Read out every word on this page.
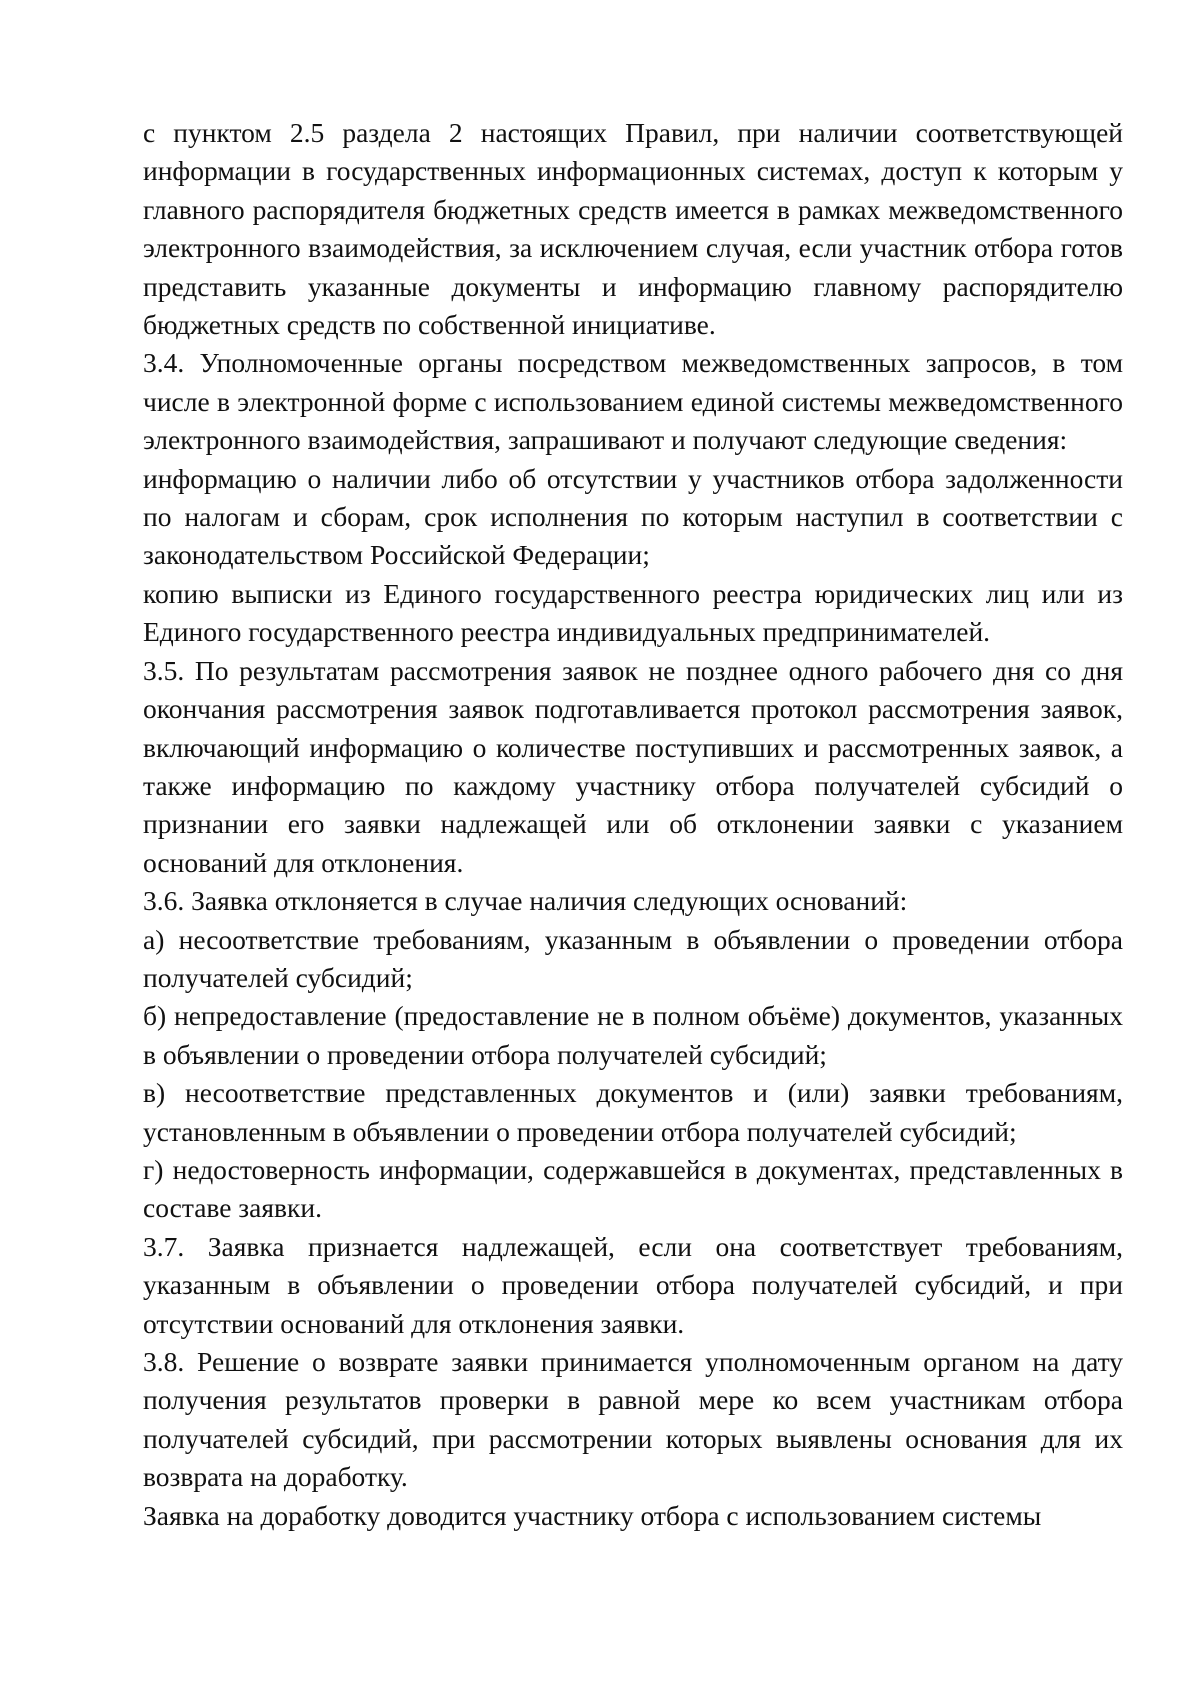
с пунктом 2.5 раздела 2 настоящих Правил, при наличии соответствующей информации в государственных информационных системах, доступ к которым у главного распорядителя бюджетных средств имеется в рамках межведомственного электронного взаимодействия, за исключением случая, если участник отбора готов представить указанные документы и информацию главному распорядителю бюджетных средств по собственной инициативе.

3.4. Уполномоченные органы посредством межведомственных запросов, в том числе в электронной форме с использованием единой системы межведомственного электронного взаимодействия, запрашивают и получают следующие сведения:

информацию о наличии либо об отсутствии у участников отбора задолженности по налогам и сборам, срок исполнения по которым наступил в соответствии с законодательством Российской Федерации;

копию выписки из Единого государственного реестра юридических лиц или из Единого государственного реестра индивидуальных предпринимателей.

3.5. По результатам рассмотрения заявок не позднее одного рабочего дня со дня окончания рассмотрения заявок подготавливается протокол рассмотрения заявок, включающий информацию о количестве поступивших и рассмотренных заявок, а также информацию по каждому участнику отбора получателей субсидий о признании его заявки надлежащей или об отклонении заявки с указанием оснований для отклонения.

3.6. Заявка отклоняется в случае наличия следующих оснований:

а) несоответствие требованиям, указанным в объявлении о проведении отбора получателей субсидий;

б) непредоставление (предоставление не в полном объёме) документов, указанных в объявлении о проведении отбора получателей субсидий;

в) несоответствие представленных документов и (или) заявки требованиям, установленным в объявлении о проведении отбора получателей субсидий;

г) недостоверность информации, содержавшейся в документах, представленных в составе заявки.

3.7. Заявка признается надлежащей, если она соответствует требованиям, указанным в объявлении о проведении отбора получателей субсидий, и при отсутствии оснований для отклонения заявки.

3.8. Решение о возврате заявки принимается уполномоченным органом на дату получения результатов проверки в равной мере ко всем участникам отбора получателей субсидий, при рассмотрении которых выявлены основания для их возврата на доработку.

Заявка на доработку доводится участнику отбора с использованием системы
